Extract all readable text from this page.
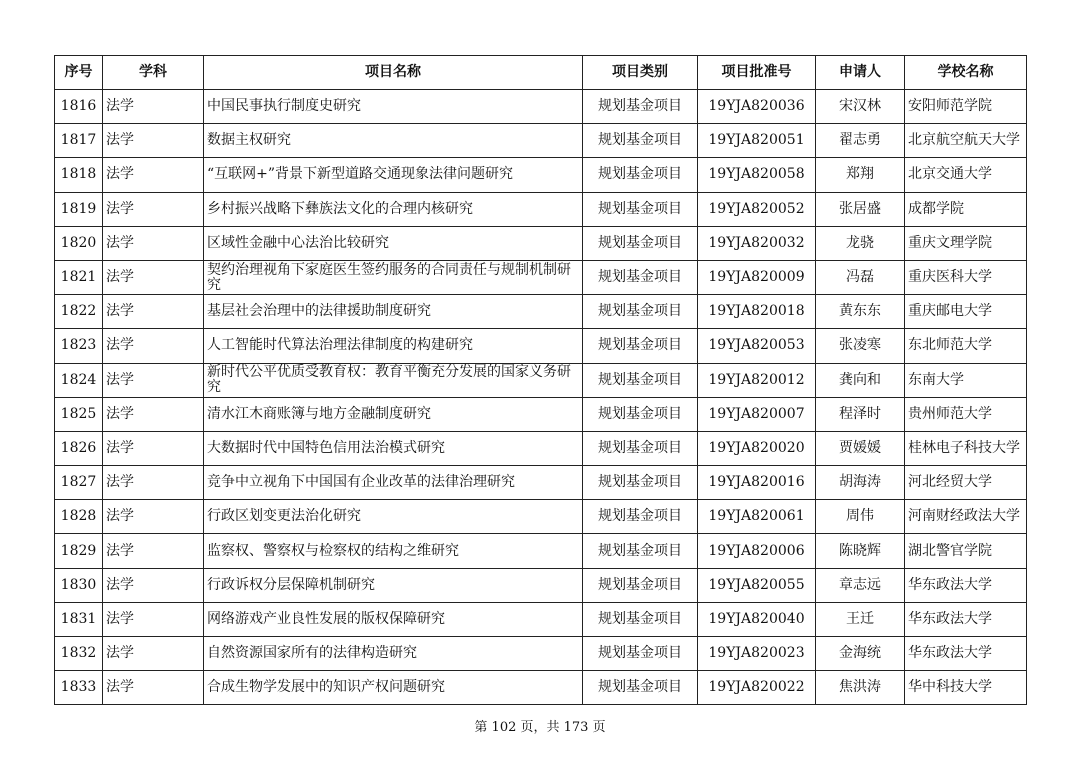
序号	学科	项目名称	项目类别	项目批准号	申请人	学校名称
1816	法学	中国民事执行制度史研究	规划基金项目	19YJA820036	宋汉林	安阳师范学院
1817	法学	数据主权研究	规划基金项目	19YJA820051	翟志勇	北京航空航天大学
1818	法学	“互联网+”背景下新型道路交通现象法律问题研究	规划基金项目	19YJA820058	郑翔	北京交通大学
1819	法学	乡村振兴战略下彝族法文化的合理内核研究	规划基金项目	19YJA820052	张居盛	成都学院
1820	法学	区域性金融中心法治比较研究	规划基金项目	19YJA820032	龙骁	重庆文理学院
1821	法学	契约治理视角下家庭医生签约服务的合同责任与规制机制研究	规划基金项目	19YJA820009	冯磊	重庆医科大学
1822	法学	基层社会治理中的法律援助制度研究	规划基金项目	19YJA820018	黄东东	重庆邮电大学
1823	法学	人工智能时代算法治理法律制度的构建研究	规划基金项目	19YJA820053	张凌寒	东北师范大学
1824	法学	新时代公平优质受教育权：教育平衡充分发展的国家义务研究	规划基金项目	19YJA820012	龚向和	东南大学
1825	法学	清水江木商账簿与地方金融制度研究	规划基金项目	19YJA820007	程泽时	贵州师范大学
1826	法学	大数据时代中国特色信用法治模式研究	规划基金项目	19YJA820020	贾媛媛	桂林电子科技大学
1827	法学	竞争中立视角下中国国有企业改革的法律治理研究	规划基金项目	19YJA820016	胡海涛	河北经贸大学
1828	法学	行政区划变更法治化研究	规划基金项目	19YJA820061	周伟	河南财经政法大学
1829	法学	监察权、警察权与检察权的结构之维研究	规划基金项目	19YJA820006	陈晓辉	湖北警官学院
1830	法学	行政诉权分层保障机制研究	规划基金项目	19YJA820055	章志远	华东政法大学
1831	法学	网络游戏产业良性发展的版权保障研究	规划基金项目	19YJA820040	王迁	华东政法大学
1832	法学	自然资源国家所有的法律构造研究	规划基金项目	19YJA820023	金海统	华东政法大学
1833	法学	合成生物学发展中的知识产权问题研究	规划基金项目	19YJA820022	焦洪涛	华中科技大学
第 102 页，共 173 页
